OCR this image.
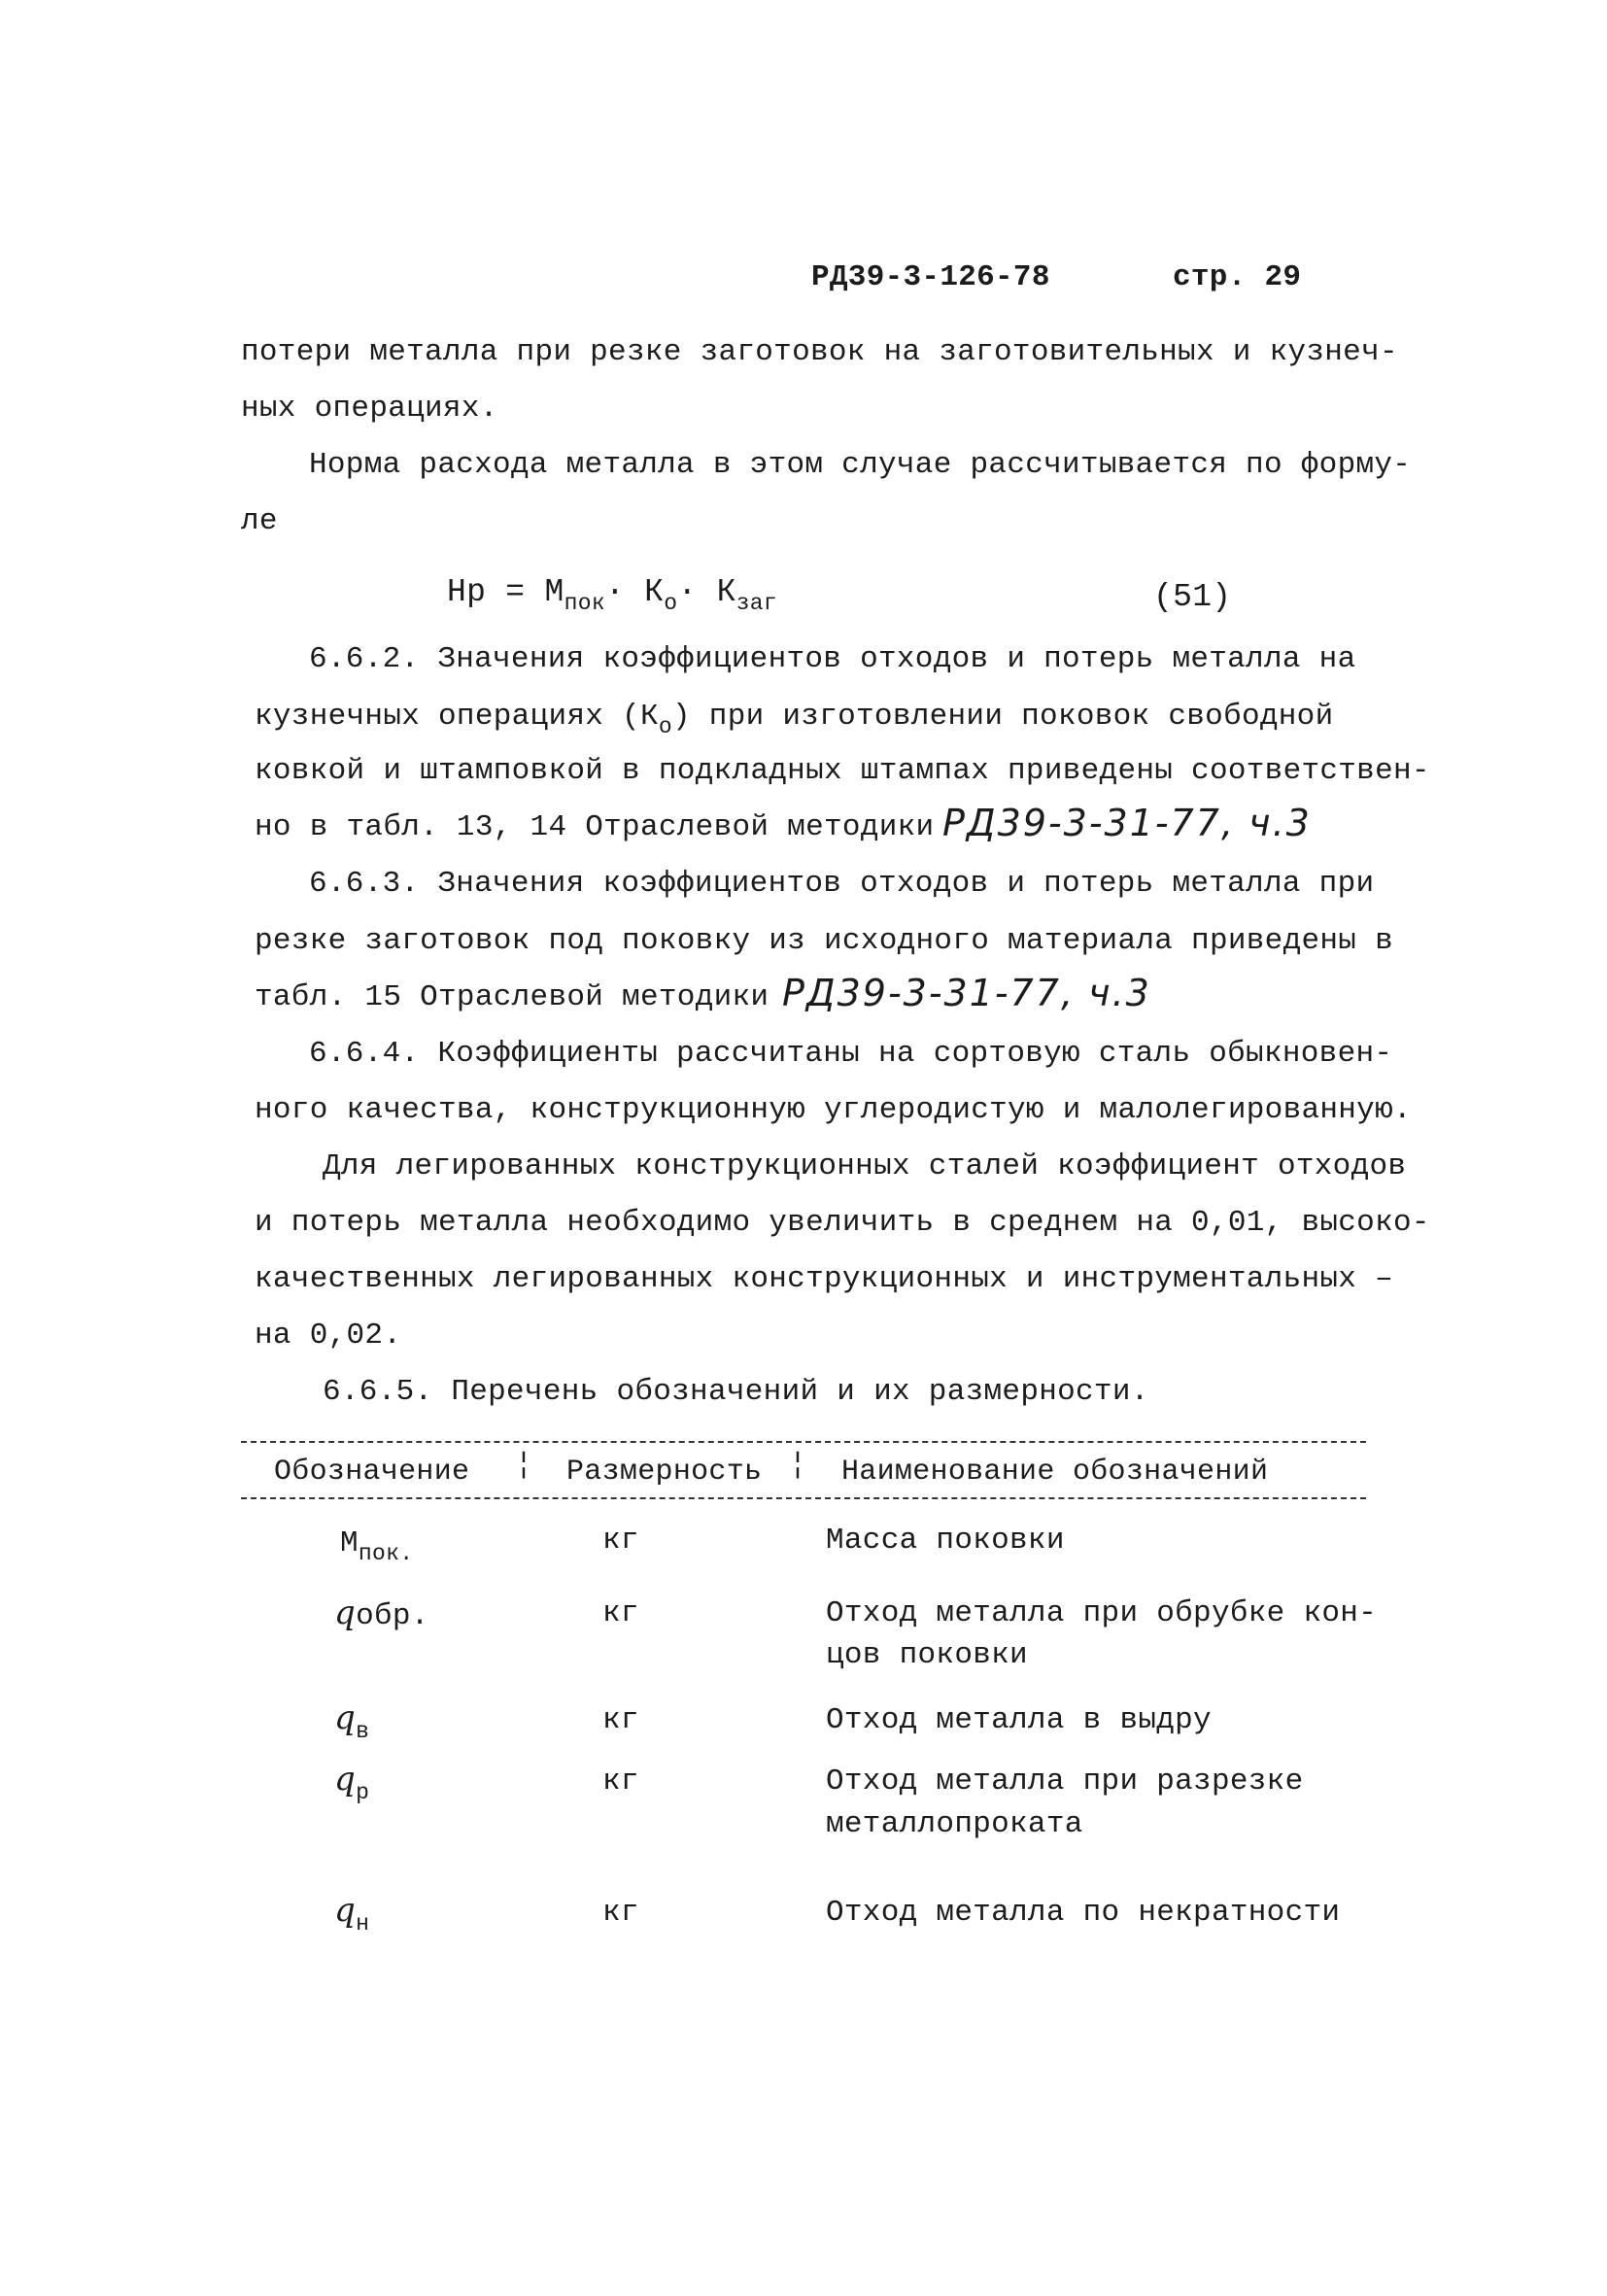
РД39-3-126-78	стр. 29
потери металла при резке заготовок на заготовительных и кузнеч-
ных операциях.
Норма расхода металла в этом случае рассчитывается по форму-
ле
Нр = $М_{пок}\cdot К_о\cdot К_{заг}$	(51)
6.6.2. Значения коэффициентов отходов и потерь металла на
кузнечных операциях $(К_о)$ при изготовлении поковок свободной
ковкой и штамповкой в подкладных штампах приведены соответствен-
но в табл. 13, 14 Отраслевой методики РД39-3-31-77, ч.3
6.6.3. Значения коэффициентов отходов и потерь металла при
резке заготовок под поковку из исходного материала приведены в
табл. 15 Отраслевой методики РД39-3-31-77, ч.3
6.6.4. Коэффициенты рассчитаны на сортовую сталь обыкновен-
ного качества, конструкционную углеродистую и малолегированную.
Для легированных конструкционных сталей коэффициент отходов
и потерь металла необходимо увеличить в среднем на 0,01, высоко-
качественных легированных конструкционных и инструментальных –
на 0,02.
6.6.5. Перечень обозначений и их размерности.
Обозначение ¦ Размерность ¦ Наименование обозначений
$М_{пок.}$	кг	Масса поковки
qобр.	кг	Отход металла при обрубке кон-
цов поковки
$q_в$	кг	Отход металла в выдру
$q_р$	кг	Отход металла при разрезке
металлопроката
$q_н$	кг	Отход металла по некратности
